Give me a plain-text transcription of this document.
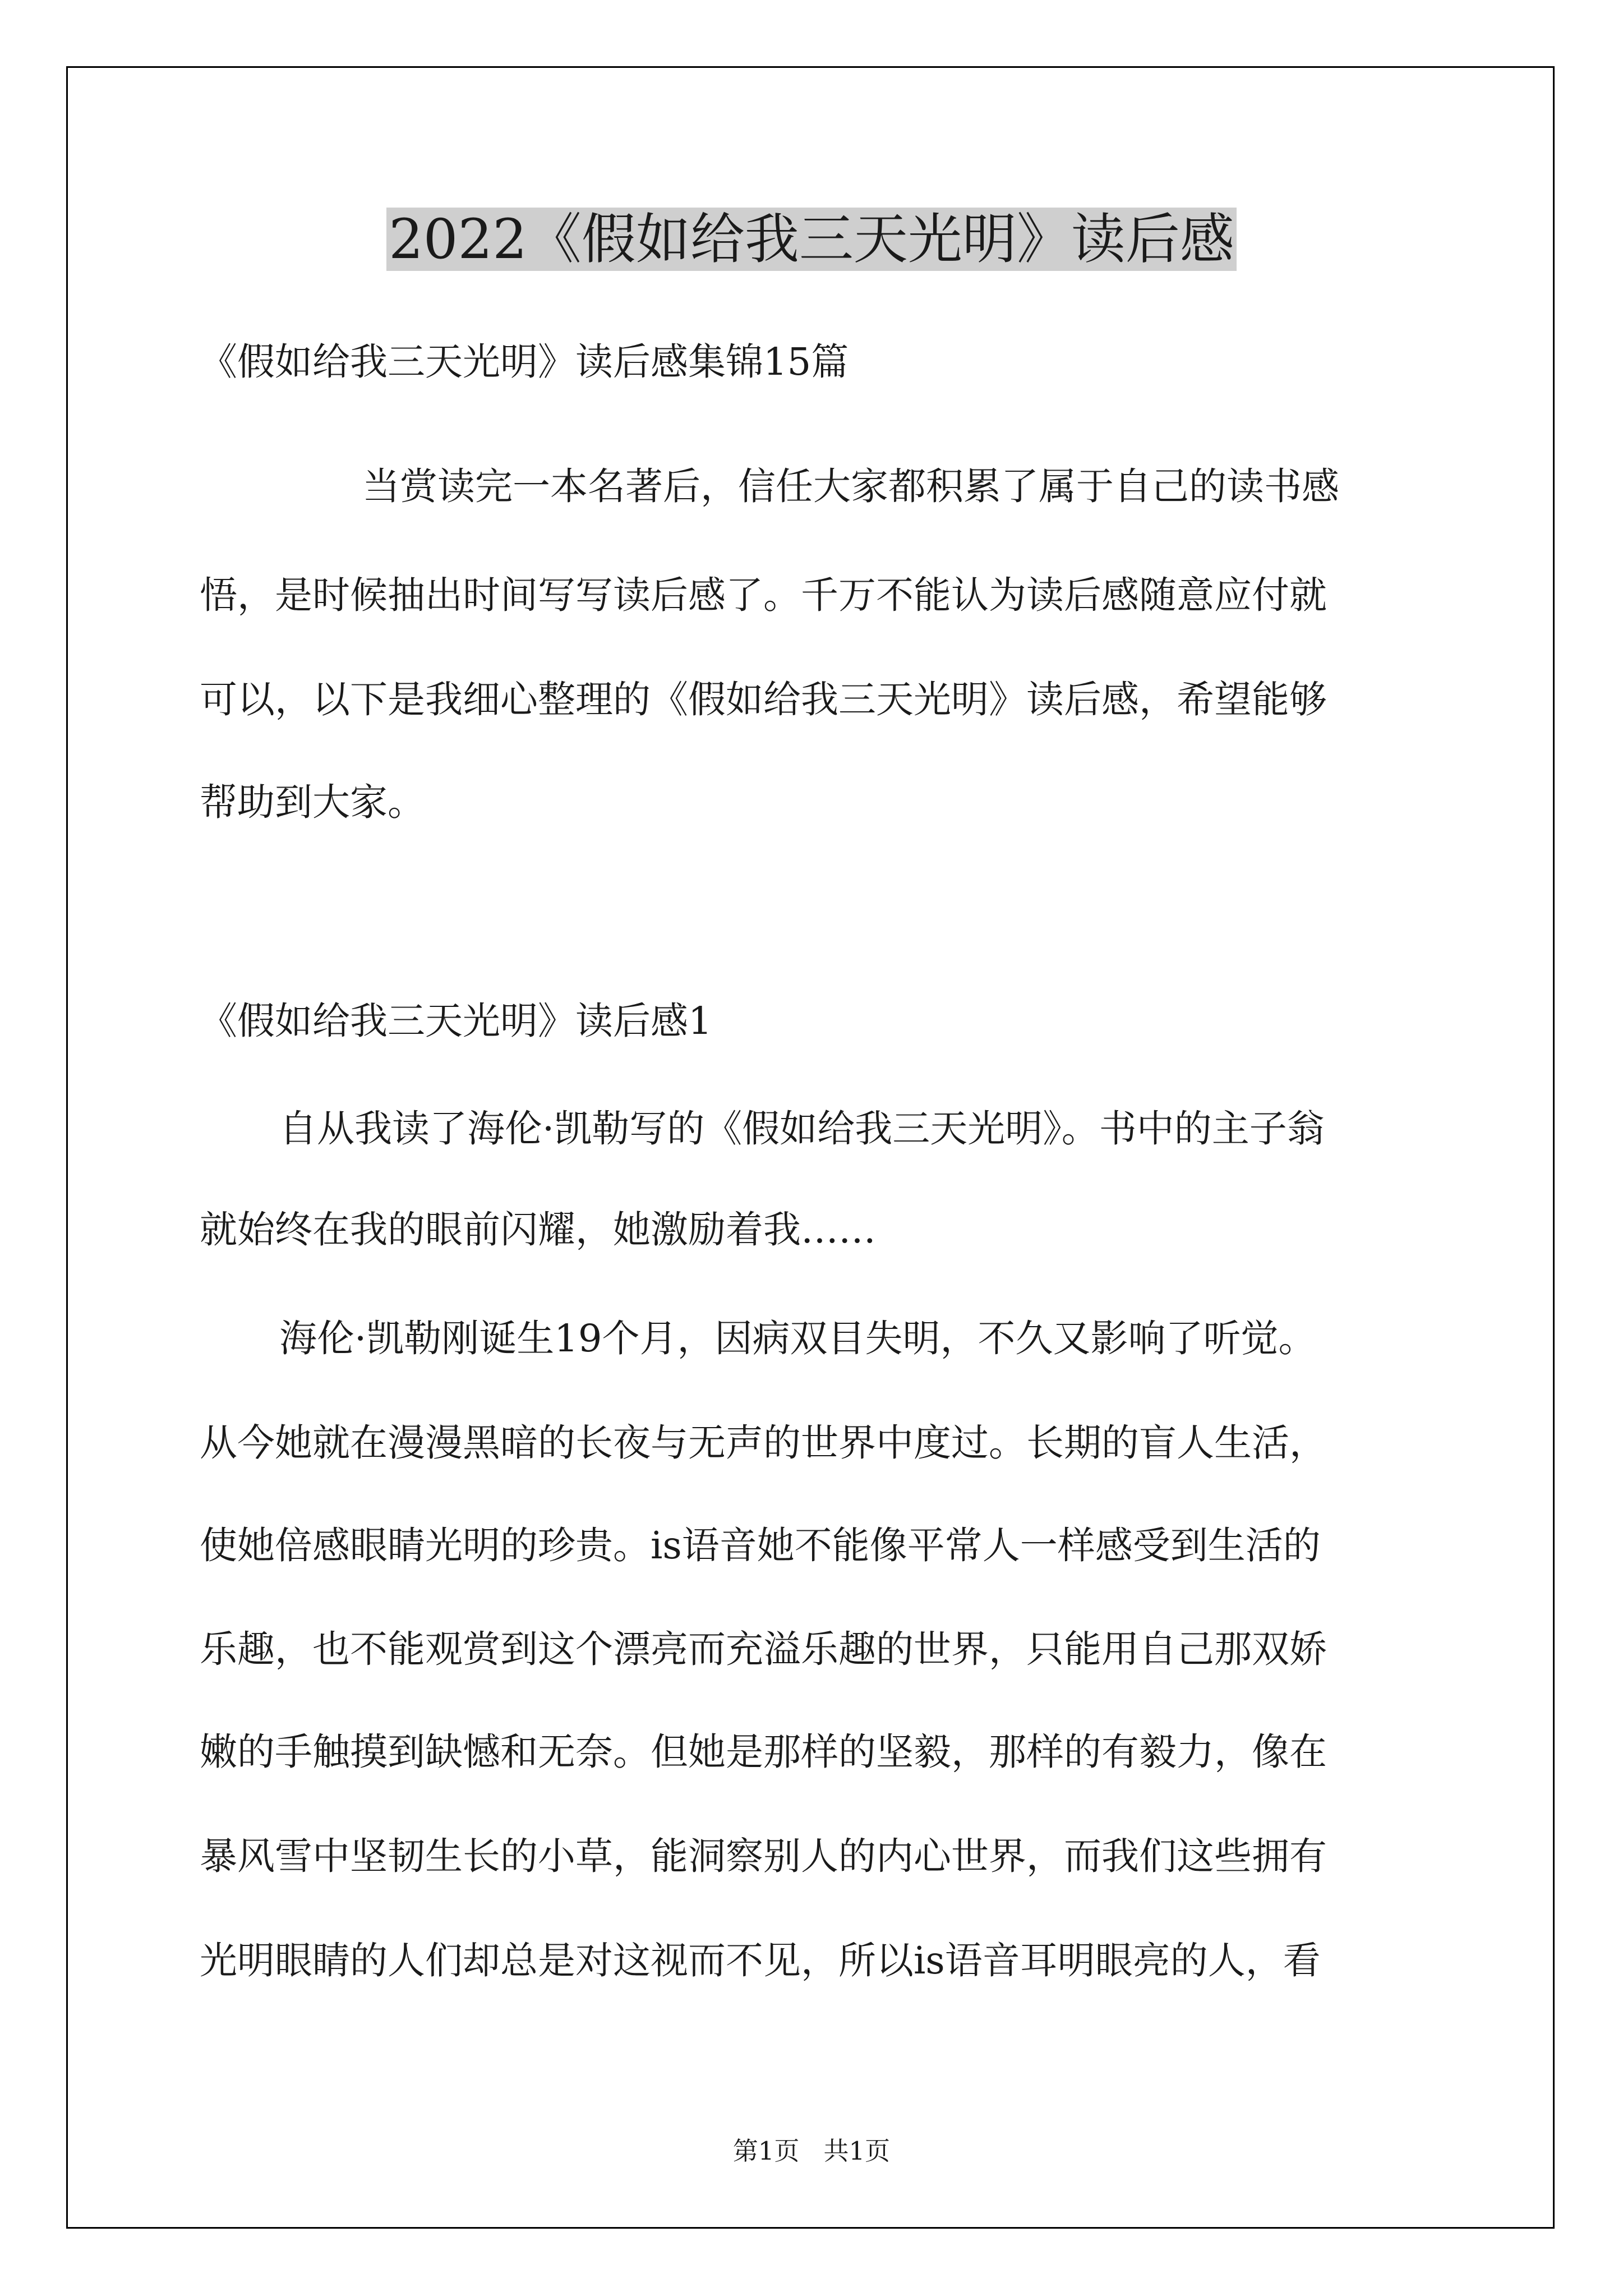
2022《假如给我三天光明》读后感
《假如给我三天光明》读后感集锦15篇
当赏读完一本名著后，信任大家都积累了属于自己的读书感
悟，是时候抽出时间写写读后感了。千万不能认为读后感随意应付就
可以，以下是我细心整理的《假如给我三天光明》读后感，希望能够
帮助到大家。
《假如给我三天光明》读后感1
自从我读了海伦·凯勒写的《假如给我三天光明》。书中的主子翁
就始终在我的眼前闪耀，她激励着我……
海伦·凯勒刚诞生19个月，因病双目失明，不久又影响了听觉。
从今她就在漫漫黑暗的长夜与无声的世界中度过。长期的盲人生活，
使她倍感眼睛光明的珍贵。is语音她不能像平常人一样感受到生活的
乐趣，也不能观赏到这个漂亮而充溢乐趣的世界，只能用自己那双娇
嫩的手触摸到缺憾和无奈。但她是那样的坚毅，那样的有毅力，像在
暴风雪中坚韧生长的小草，能洞察别人的内心世界，而我们这些拥有
光明眼睛的人们却总是对这视而不见，所以is语音耳明眼亮的人，看
第1页   共1页
